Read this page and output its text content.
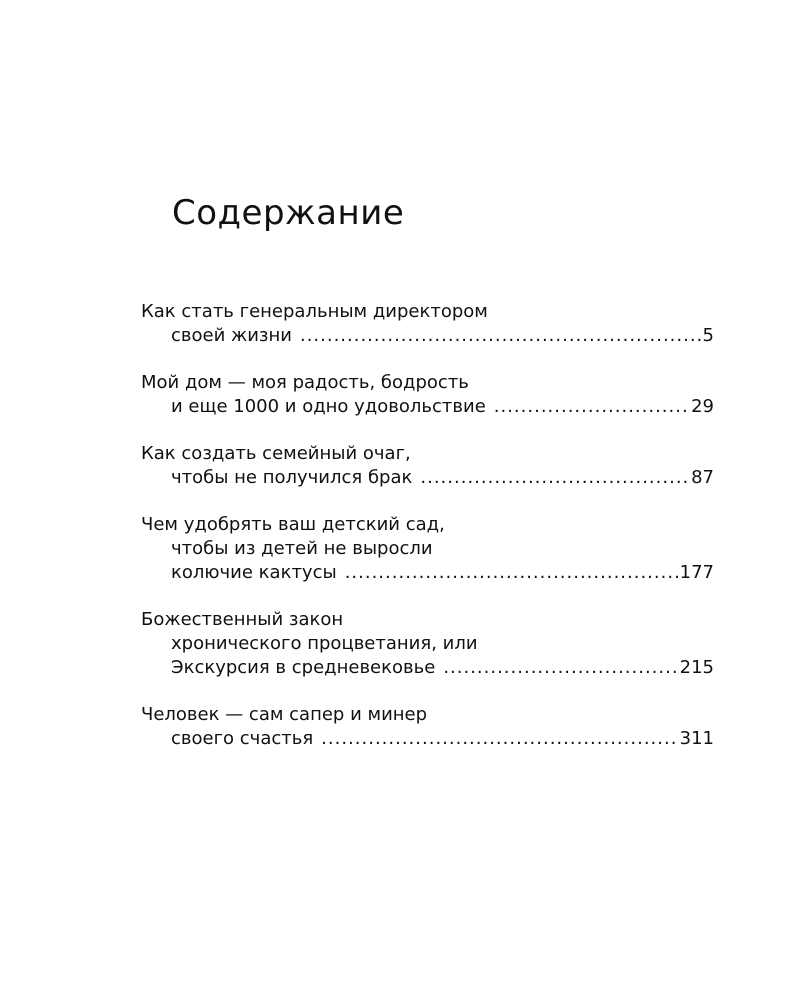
Содержание
Как стать генеральным директором
своей жизни .....	5
Мой дом — моя радость, бодрость
и еще 1000 и одно удовольствие .....	29
Как создать семейный очаг,
чтобы не получился брак .....	87
Чем удобрять ваш детский сад,
чтобы из детей не выросли
колючие кактусы .....	177
Божественный закон
хронического процветания, или
Экскурсия в средневековье .....	215
Человек — сам сапер и минер
своего счастья .....	311
